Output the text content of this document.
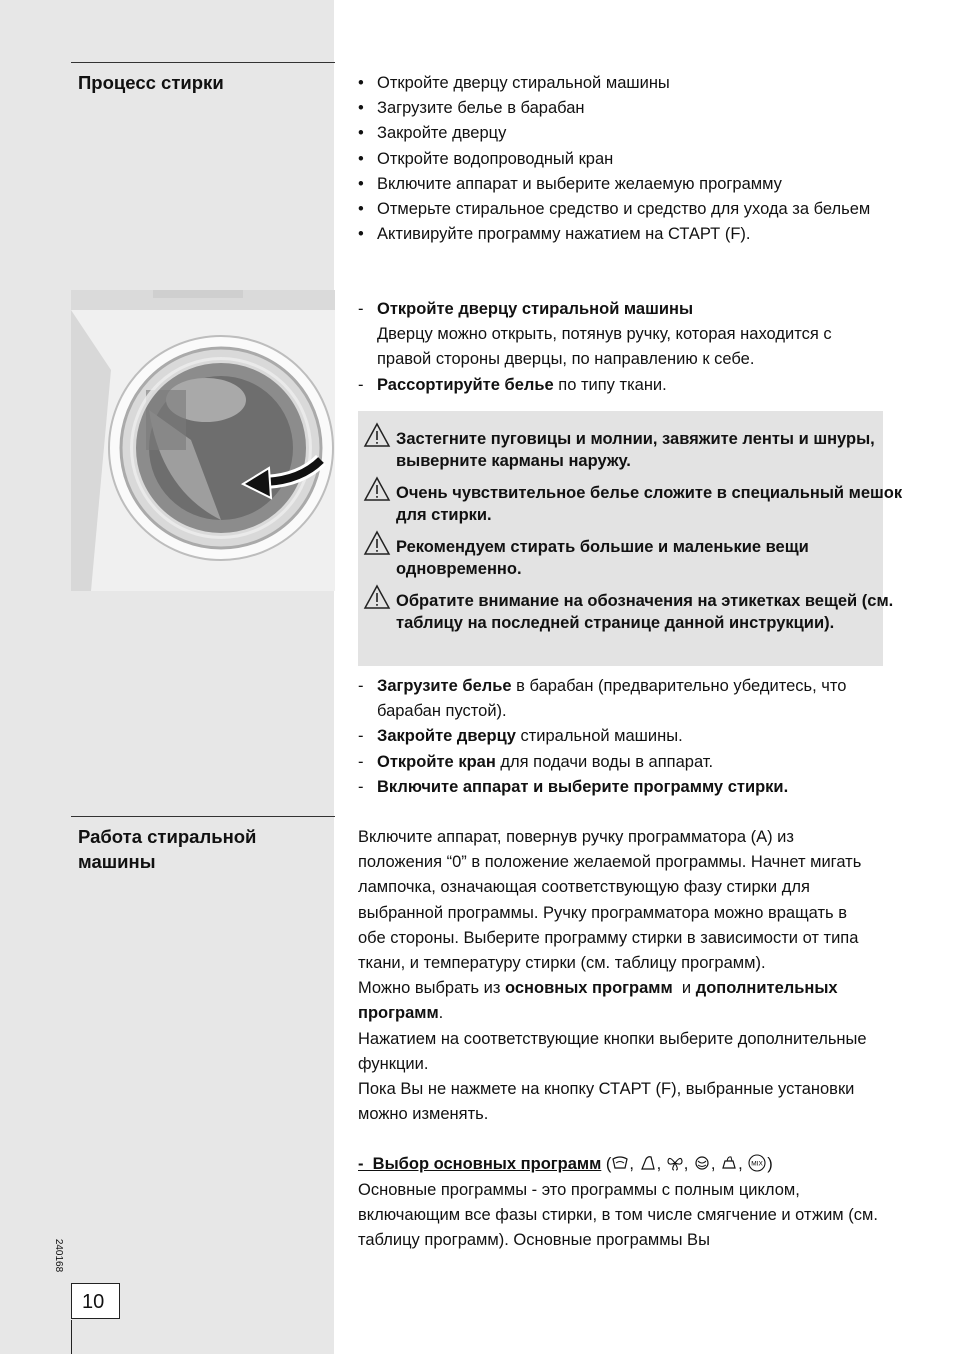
Процесс стирки
•	Откройте дверцу стиральной машины
• Загрузите белье в барабан
• Закройте дверцу
• Откройте водопроводный кран
• Включите аппарат и выберите желаемую программу
• Отмерьте стиральное средство и средство для ухода за бельем
• Активируйте программу нажатием на СТАРТ (F).
- Откройте дверцу стиральной машины
Дверцу можно открыть, потянув ручку, которая находится с правой стороны дверцы, по направлению к себе.
- Рассортируйте белье по типу ткани.
Застегните пуговицы и молнии, завяжите ленты и шнуры, выверните карманы наружу.
Очень чувствительное белье сложите в специальный мешок для стирки.
Рекомендуем стирать большие и маленькие вещи одновременно.
Обратите внимание на обозначения на этикетках вещей (см. таблицу на последней странице данной инструкции).
- Загрузите белье в барабан (предварительно убедитесь, что барабан пустой).
- Закройте дверцу стиральной машины.
- Откройте кран для подачи воды в аппарат.
- Включите аппарат и выберите программу стирки.
Работа стиральной машины
Включите аппарат, повернув ручку программатора (A) из положения “0” в положение желаемой программы. Начнет мигать лампочка, означающая соответствующую фазу стирки для выбранной программы. Ручку программатора можно вращать в обе стороны. Выберите программу стирки в зависимости от типа ткани, и температуру стирки (см. таблицу программ).
Можно выбрать из основных программ  и дополнительных программ.
Нажатием на соответствующие кнопки выберите дополнительные функции.
Пока Вы не нажмете на кнопку СТАРТ (F), выбранные установки можно изменять.
-  Выбор основных программ ( , , , , , MIX )
Основные программы - это программы с полным циклом, включающим все фазы стирки, в том числе смягчение и отжим (см. таблицу программ). Основные программы Вы
240168
10
